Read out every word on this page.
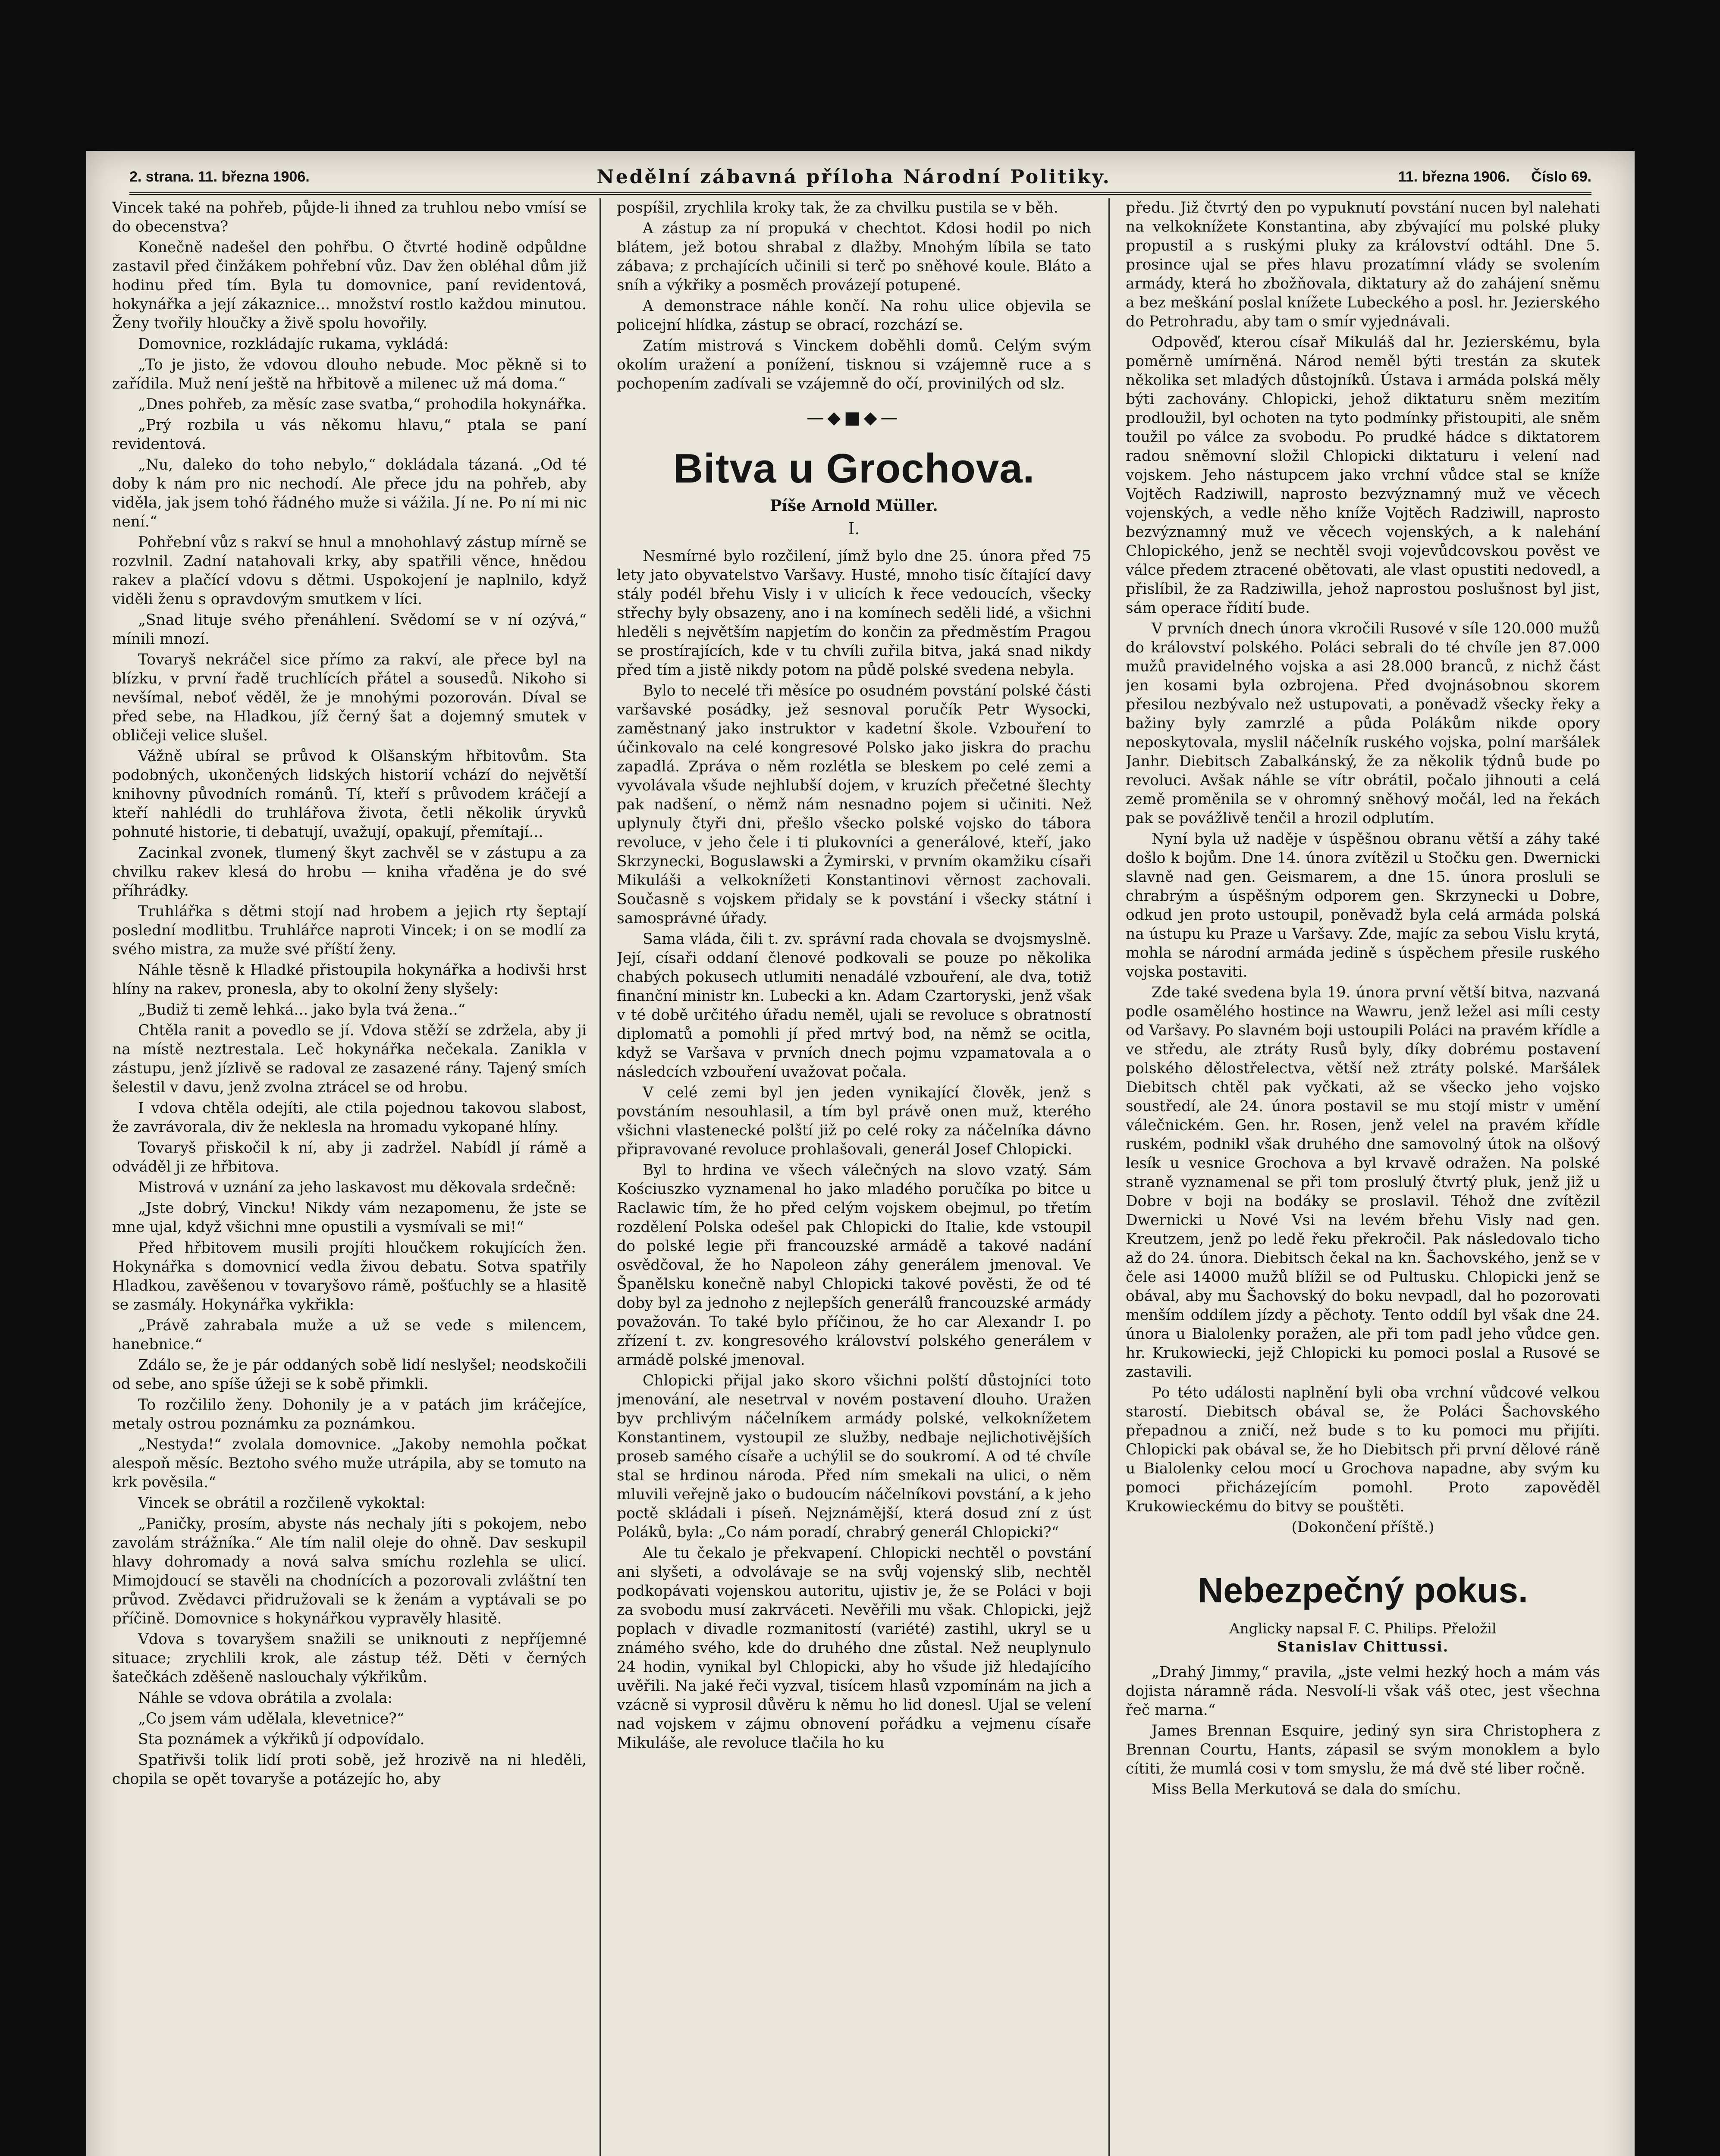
2. strana. 11. března 1906.	Nedělní zábavná příloha Národní Politiky.	11. března 1906. Číslo 69.

Vincek také na pohřeb, půjde-li ihned za truhlou nebo vmísí se do obecenstva?

Konečně nadešel den pohřbu. O čtvrté hodině odpůldne zastavil před činžákem pohřební vůz. Dav žen obléhal dům již hodinu před tím. Byla tu domovnice, paní revidentová, hokynářka a její zákaznice... množství rostlo každou minutou. Ženy tvořily hloučky a živě spolu hovořily.

Domovnice, rozkládajíc rukama, vykládá:

„To je jisto, že vdovou dlouho nebude. Moc pěkně si to zařídila. Muž není ještě na hřbitově a milenec už má doma.“

„Dnes pohřeb, za měsíc zase svatba,“ prohodila hokynářka.

„Prý rozbila u vás někomu hlavu,“ ptala se paní revidentová.

„Nu, daleko do toho nebylo,“ dokládala tázaná. „Od té doby k nám pro nic nechodí. Ale přece jdu na pohřeb, aby viděla, jak jsem tohó řádného muže si vážila. Jí ne. Po ní mi nic není.“

Pohřební vůz s rakví se hnul a mnohohlavý zástup mírně se rozvlnil. Zadní natahovali krky, aby spatřili věnce, hnědou rakev a plačící vdovu s dětmi. Uspokojení je naplnilo, když viděli ženu s opravdovým smutkem v líci.

„Snad lituje svého přenáhlení. Svědomí se v ní ozývá,“ mínili mnozí.

Tovaryš nekráčel sice přímo za rakví, ale přece byl na blízku, v první řadě truchlících přátel a sousedů. Nikoho si nevšímal, neboť věděl, že je mnohými pozorován. Díval se před sebe, na Hladkou, jíž černý šat a dojemný smutek v obličeji velice slušel.

Vážně ubíral se průvod k Olšanským hřbitovům. Sta podobných, ukončených lidských historií vchází do největší knihovny původních románů. Tí, kteří s průvodem kráčejí a kteří nahlédli do truhlářova života, četli několik úryvků pohnuté historie, ti debatují, uvažují, opakují, přemítají...

Zacinkal zvonek, tlumený škyt zachvěl se v zástupu a za chvilku rakev klesá do hrobu — kniha vřaděna je do své příhrádky.

Truhlářka s dětmi stojí nad hrobem a jejich rty šeptají poslední modlitbu. Truhlářce naproti Vincek; i on se modlí za svého mistra, za muže své příští ženy.

Náhle těsně k Hladké přistoupila hokynářka a hodivši hrst hlíny na rakev, pronesla, aby to okolní ženy slyšely:

„Budiž ti země lehká... jako byla tvá žena..“

Chtěla ranit a povedlo se jí. Vdova stěží se zdržela, aby ji na místě neztrestala. Leč hokynářka nečekala. Zanikla v zástupu, jenž jízlivě se radoval ze zasazené rány. Tajený smích šelestil v davu, jenž zvolna ztrácel se od hrobu.

I vdova chtěla odejíti, ale ctila pojednou takovou slabost, že zavrávorala, div že neklesla na hromadu vykopané hlíny.

Tovaryš přiskočil k ní, aby ji zadržel. Nabídl jí rámě a odváděl ji ze hřbitova.

Mistrová v uznání za jeho laskavost mu děkovala srdečně:

„Jste dobrý, Vincku! Nikdy vám nezapomenu, že jste se mne ujal, když všichni mne opustili a vysmívali se mi!“

Před hřbitovem musili projíti hloučkem rokujících žen. Hokynářka s domovnicí vedla živou debatu. Sotva spatřily Hladkou, zavěšenou v tovaryšovo rámě, pošťuchly se a hlasitě se zasmály. Hokynářka vykřikla:

„Právě zahrabala muže a už se vede s milencem, hanebnice.“

Zdálo se, že je pár oddaných sobě lidí neslyšel; neodskočili od sebe, ano spíše úžeji se k sobě přimkli.

To rozčililo ženy. Dohonily je a v patách jim kráčejíce, metaly ostrou poznámku za poznámkou.

„Nestyda!“ zvolala domovnice. „Jakoby nemohla počkat alespoň měsíc. Beztoho svého muže utrápila, aby se tomuto na krk pověsila.“

Vincek se obrátil a rozčileně vykoktal:

„Paničky, prosím, abyste nás nechaly jíti s pokojem, nebo zavolám strážníka.“ Ale tím nalil oleje do ohně. Dav seskupil hlavy dohromady a nová salva smíchu rozlehla se ulicí. Mimojdoucí se stavěli na chodnících a pozorovali zvláštní ten průvod. Zvědavci přidružovali se k ženám a vyptávali se po příčině. Domovnice s hokynářkou vypravěly hlasitě.

Vdova s tovaryšem snažili se uniknouti z nepříjemné situace; zrychlili krok, ale zástup též. Děti v černých šatečkách zděšeně naslouchaly výkřikům.

Náhle se vdova obrátila a zvolala:

„Co jsem vám udělala, klevetnice?“

Sta poznámek a výkřiků jí odpovídalo.

Spatřivši tolik lidí proti sobě, jež hrozivě na ni hleděli, chopila se opět tovaryše a potázejíc ho, aby

pospíšil, zrychlila kroky tak, že za chvilku pustila se v běh.

A zástup za ní propuká v chechtot. Kdosi hodil po nich blátem, jež botou shrabal z dlažby. Mnohým líbila se tato zábava; z prchajících učinili si terč po sněhové koule. Bláto a sníh a výkřiky a posměch provázejí potupené.

A demonstrace náhle končí. Na rohu ulice objevila se policejní hlídka, zástup se obrací, rozchází se.

Zatím mistrová s Vinckem doběhli domů. Celým svým okolím uražení a ponížení, tisknou si vzájemně ruce a s pochopením zadívali se vzájemně do očí, provinilých od slz.

—◆■◆—
Bitva u Grochova.
Píše Arnold Müller.
I.

Nesmírné bylo rozčilení, jímž bylo dne 25. února před 75 lety jato obyvatelstvo Varšavy. Husté, mnoho tisíc čítající davy stály podél břehu Visly i v ulicích k řece vedoucích, všecky střechy byly obsazeny, ano i na komínech seděli lidé, a všichni hleděli s největším napjetím do končin za předměstím Pragou se prostírajících, kde v tu chvíli zuřila bitva, jaká snad nikdy před tím a jistě nikdy potom na půdě polské svedena nebyla.

Bylo to necelé tři měsíce po osudném povstání polské části varšavské posádky, jež sesnoval poručík Petr Wysocki, zaměstnaný jako instruktor v kadetní škole. Vzbouření to účinkovalo na celé kongresové Polsko jako jiskra do prachu zapadlá. Zpráva o něm rozlétla se bleskem po celé zemi a vyvolávala všude nejhlubší dojem, v kruzích přečetné šlechty pak nadšení, o němž nám nesnadno pojem si učiniti. Než uplynuly čtyři dni, přešlo všecko polské vojsko do tábora revoluce, v jeho čele i ti plukovníci a generálové, kteří, jako Skrzynecki, Boguslawski a Żymirski, v prvním okamžiku císaři Mikuláši a velkoknížeti Konstantinovi věrnost zachovali. Současně s vojskem přidaly se k povstání i všecky státní i samosprávné úřady.

Sama vláda, čili t. zv. správní rada chovala se dvojsmyslně. Její, císaři oddaní členové podkovali se pouze po několika chabých pokusech utlumiti nenadálé vzbouření, ale dva, totiž finanční ministr kn. Lubecki a kn. Adam Czartoryski, jenž však v té době určitého úřadu neměl, ujali se revoluce s obratností diplomatů a pomohli jí před mrtvý bod, na němž se ocitla, když se Varšava v prvních dnech pojmu vzpamatovala a o následcích vzbouření uvažovat počala.

V celé zemi byl jen jeden vynikající člověk, jenž s povstáním nesouhlasil, a tím byl právě onen muž, kterého všichni vlastenecké polští již po celé roky za náčelníka dávno připravované revoluce prohlašovali, generál Josef Chlopicki.

Byl to hrdina ve všech válečných na slovo vzatý. Sám Kościuszko vyznamenal ho jako mladého poručíka po bitce u Raclawic tím, že ho před celým vojskem obejmul, po třetím rozdělení Polska odešel pak Chlopicki do Italie, kde vstoupil do polské legie při francouzské armádě a takové nadání osvědčoval, že ho Napoleon záhy generálem jmenoval. Ve Španělsku konečně nabyl Chlopicki takové pověsti, že od té doby byl za jednoho z nejlepších generálů francouzské armády považován. To také bylo příčinou, že ho car Alexandr I. po zřízení t. zv. kongresového království polského generálem v armádě polské jmenoval.

Chlopicki přijal jako skoro všichni polští důstojníci toto jmenování, ale nesetrval v novém postavení dlouho. Uražen byv prchlivým náčelníkem armády polské, velkoknížetem Konstantinem, vystoupil ze služby, nedbaje nejlichotivějších proseb samého císaře a uchýlil se do soukromí. A od té chvíle stal se hrdinou národa. Před ním smekali na ulici, o něm mluvili veřejně jako o budoucím náčelníkovi povstání, a k jeho poctě skládali i píseň. Nejznámější, která dosud zní z úst Poláků, byla: „Co nám poradí, chrabrý generál Chlopicki?“

Ale tu čekalo je překvapení. Chlopicki nechtěl o povstání ani slyšeti, a odvolávaje se na svůj vojenský slib, nechtěl podkopávati vojenskou autoritu, ujistiv je, že se Poláci v boji za svobodu musí zakrváceti. Nevěřili mu však. Chlopicki, jejž poplach v divadle rozmanitostí (variété) zastihl, ukryl se u známého svého, kde do druhého dne zůstal. Než neuplynulo 24 hodin, vynikal byl Chlopicki, aby ho všude již hledajícího uvěřili. Na jaké řeči vyzval, tisícem hlasů vzpomínám na jich a vzácně si vyprosil důvěru k němu ho lid donesl. Ujal se velení nad vojskem v zájmu obnovení pořádku a vejmenu císaře Mikuláše, ale revoluce tlačila ho ku

předu. Již čtvrtý den po vypuknutí povstání nucen byl nalehati na velkoknížete Konstantina, aby zbývající mu polské pluky propustil a s ruskými pluky za království odtáhl. Dne 5. prosince ujal se přes hlavu prozatímní vlády se svolením armády, která ho zbožňovala, diktatury až do zahájení sněmu a bez meškání poslal knížete Lubeckého a posl. hr. Jezierského do Petrohradu, aby tam o smír vyjednávali.

Odpověď, kterou císař Mikuláš dal hr. Jezierskému, byla poměrně umírněná. Národ neměl býti trestán za skutek několika set mladých důstojníků. Ústava i armáda polská měly býti zachovány. Chlopicki, jehož diktaturu sněm mezitím prodloužil, byl ochoten na tyto podmínky přistoupiti, ale sněm toužil po válce za svobodu. Po prudké hádce s diktatorem radou sněmovní složil Chlopicki diktaturu i velení nad vojskem. Jeho nástupcem jako vrchní vůdce stal se kníže Vojtěch Radziwill, naprosto bezvýznamný muž ve věcech vojenských, a vedle něho kníže Vojtěch Radziwill, naprosto bezvýznamný muž ve věcech vojenských, a k nalehání Chlopického, jenž se nechtěl svoji vojevůdcovskou pověst ve válce předem ztracené obětovati, ale vlast opustiti nedovedl, a přislíbil, že za Radziwilla, jehož naprostou poslušnost byl jist, sám operace řídití bude.

V prvních dnech února vkročili Rusové v síle 120.000 mužů do království polského. Poláci sebrali do té chvíle jen 87.000 mužů pravidelného vojska a asi 28.000 branců, z nichž část jen kosami byla ozbrojena. Před dvojnásobnou skorem přesilou nezbývalo než ustupovati, a poněvadž všecky řeky a bažiny byly zamrzlé a půda Polákům nikde opory neposkytovala, myslil náčelník ruského vojska, polní maršálek Janhr. Diebitsch Zabalkánský, že za několik týdnů bude po revoluci. Avšak náhle se vítr obrátil, počalo jihnouti a celá země proměnila se v ohromný sněhový močál, led na řekách pak se povážlivě tenčil a hrozil odplutím.

Nyní byla už naděje v úspěšnou obranu větší a záhy také došlo k bojům. Dne 14. února zvítězil u Stočku gen. Dwernicki slavně nad gen. Geismarem, a dne 15. února prosluli se chrabrým a úspěšným odporem gen. Skrzynecki u Dobre, odkud jen proto ustoupil, poněvadž byla celá armáda polská na ústupu ku Praze u Varšavy. Zde, majíc za sebou Vislu krytá, mohla se národní armáda jedině s úspěchem přesile ruského vojska postaviti.

Zde také svedena byla 19. února první větší bitva, nazvaná podle osamělého hostince na Wawru, jenž ležel asi míli cesty od Varšavy. Po slavném boji ustoupili Poláci na pravém křídle a ve středu, ale ztráty Rusů byly, díky dobrému postavení polského dělostřelectva, větší než ztráty polské. Maršálek Diebitsch chtěl pak vyčkati, až se všecko jeho vojsko soustředí, ale 24. února postavil se mu stojí mistr v umění válečnickém. Gen. hr. Rosen, jenž velel na pravém křídle ruském, podnikl však druhého dne samovolný útok na olšový lesík u vesnice Grochova a byl krvavě odražen. Na polské straně vyznamenal se při tom proslulý čtvrtý pluk, jenž již u Dobre v boji na bodáky se proslavil. Téhož dne zvítězil Dwernicki u Nové Vsi na levém břehu Visly nad gen. Kreutzem, jenž po ledě řeku překročil. Pak následovalo ticho až do 24. února. Diebitsch čekal na kn. Šachovského, jenž se v čele asi 14000 mužů blížil se od Pultusku. Chlopicki jenž se obával, aby mu Šachovský do boku nevpadl, dal ho pozorovati menším oddílem jízdy a pěchoty. Tento oddíl byl však dne 24. února u Bialolenky poražen, ale při tom padl jeho vůdce gen. hr. Krukowiecki, jejž Chlopicki ku pomoci poslal a Rusové se zastavili.

Po této události naplnění byli oba vrchní vůdcové velkou starostí. Diebitsch obával se, že Poláci Šachovského přepadnou a zničí, než bude s to ku pomoci mu přijíti. Chlopicki pak obával se, že ho Diebitsch při první dělové ráně u Bialolenky celou mocí u Grochova napadne, aby svým ku pomoci přicházejícím pomohl. Proto zapověděl Krukowieckému do bitvy se pouštěti.

(Dokončení příště.)
Nebezpečný pokus.
Anglicky napsal F. C. Philips. Přeložil
Stanislav Chittussi.

„Drahý Jimmy,“ pravila, „jste velmi hezký hoch a mám vás dojista náramně ráda. Nesvolí-li však váš otec, jest všechna řeč marna.“

James Brennan Esquire, jediný syn sira Christophera z Brennan Courtu, Hants, zápasil se svým monoklem a bylo cítiti, že mumlá cosi v tom smyslu, že má dvě sté liber ročně.

Miss Bella Merkutová se dala do smíchu.
